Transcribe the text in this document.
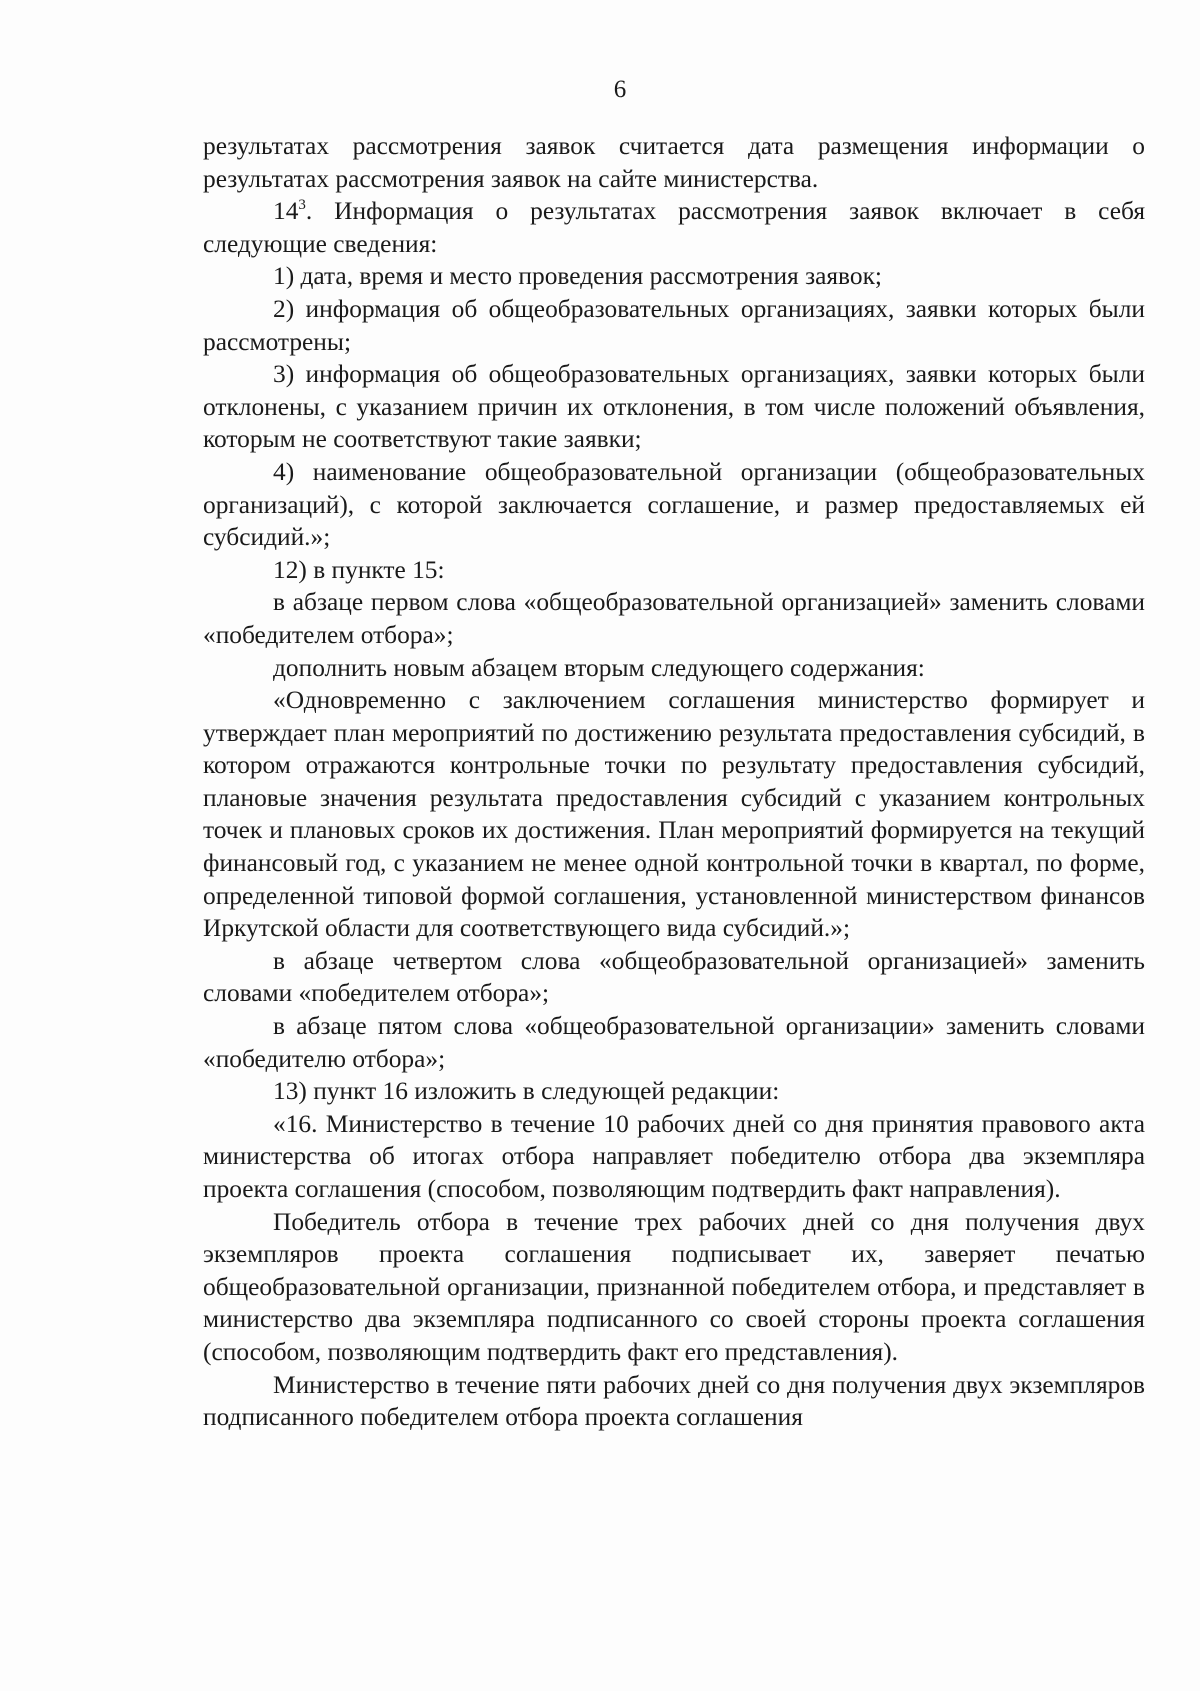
6

результатах рассмотрения заявок считается дата размещения информации о результатах рассмотрения заявок на сайте министерства.

$14^3$. Информация о результатах рассмотрения заявок включает в себя следующие сведения:

1) дата, время и место проведения рассмотрения заявок;

2) информация об общеобразовательных организациях, заявки которых были рассмотрены;

3) информация об общеобразовательных организациях, заявки которых были отклонены, с указанием причин их отклонения, в том числе положений объявления, которым не соответствуют такие заявки;

4) наименование общеобразовательной организации (общеобразовательных организаций), с которой заключается соглашение, и размер предоставляемых ей субсидий.»;

12) в пункте 15:

в абзаце первом слова «общеобразовательной организацией» заменить словами «победителем отбора»;

дополнить новым абзацем вторым следующего содержания:

«Одновременно с заключением соглашения министерство формирует и утверждает план мероприятий по достижению результата предоставления субсидий, в котором отражаются контрольные точки по результату предоставления субсидий, плановые значения результата предоставления субсидий с указанием контрольных точек и плановых сроков их достижения. План мероприятий формируется на текущий финансовый год, с указанием не менее одной контрольной точки в квартал, по форме, определенной типовой формой соглашения, установленной министерством финансов Иркутской области для соответствующего вида субсидий.»;

в абзаце четвертом слова «общеобразовательной организацией» заменить словами «победителем отбора»;

в абзаце пятом слова «общеобразовательной организации» заменить словами «победителю отбора»;

13) пункт 16 изложить в следующей редакции:

«16. Министерство в течение 10 рабочих дней со дня принятия правового акта министерства об итогах отбора направляет победителю отбора два экземпляра проекта соглашения (способом, позволяющим подтвердить факт направления).

Победитель отбора в течение трех рабочих дней со дня получения двух экземпляров проекта соглашения подписывает их, заверяет печатью общеобразовательной организации, признанной победителем отбора, и представляет в министерство два экземпляра подписанного со своей стороны проекта соглашения (способом, позволяющим подтвердить факт его представления).

Министерство в течение пяти рабочих дней со дня получения двух экземпляров подписанного победителем отбора проекта соглашения
